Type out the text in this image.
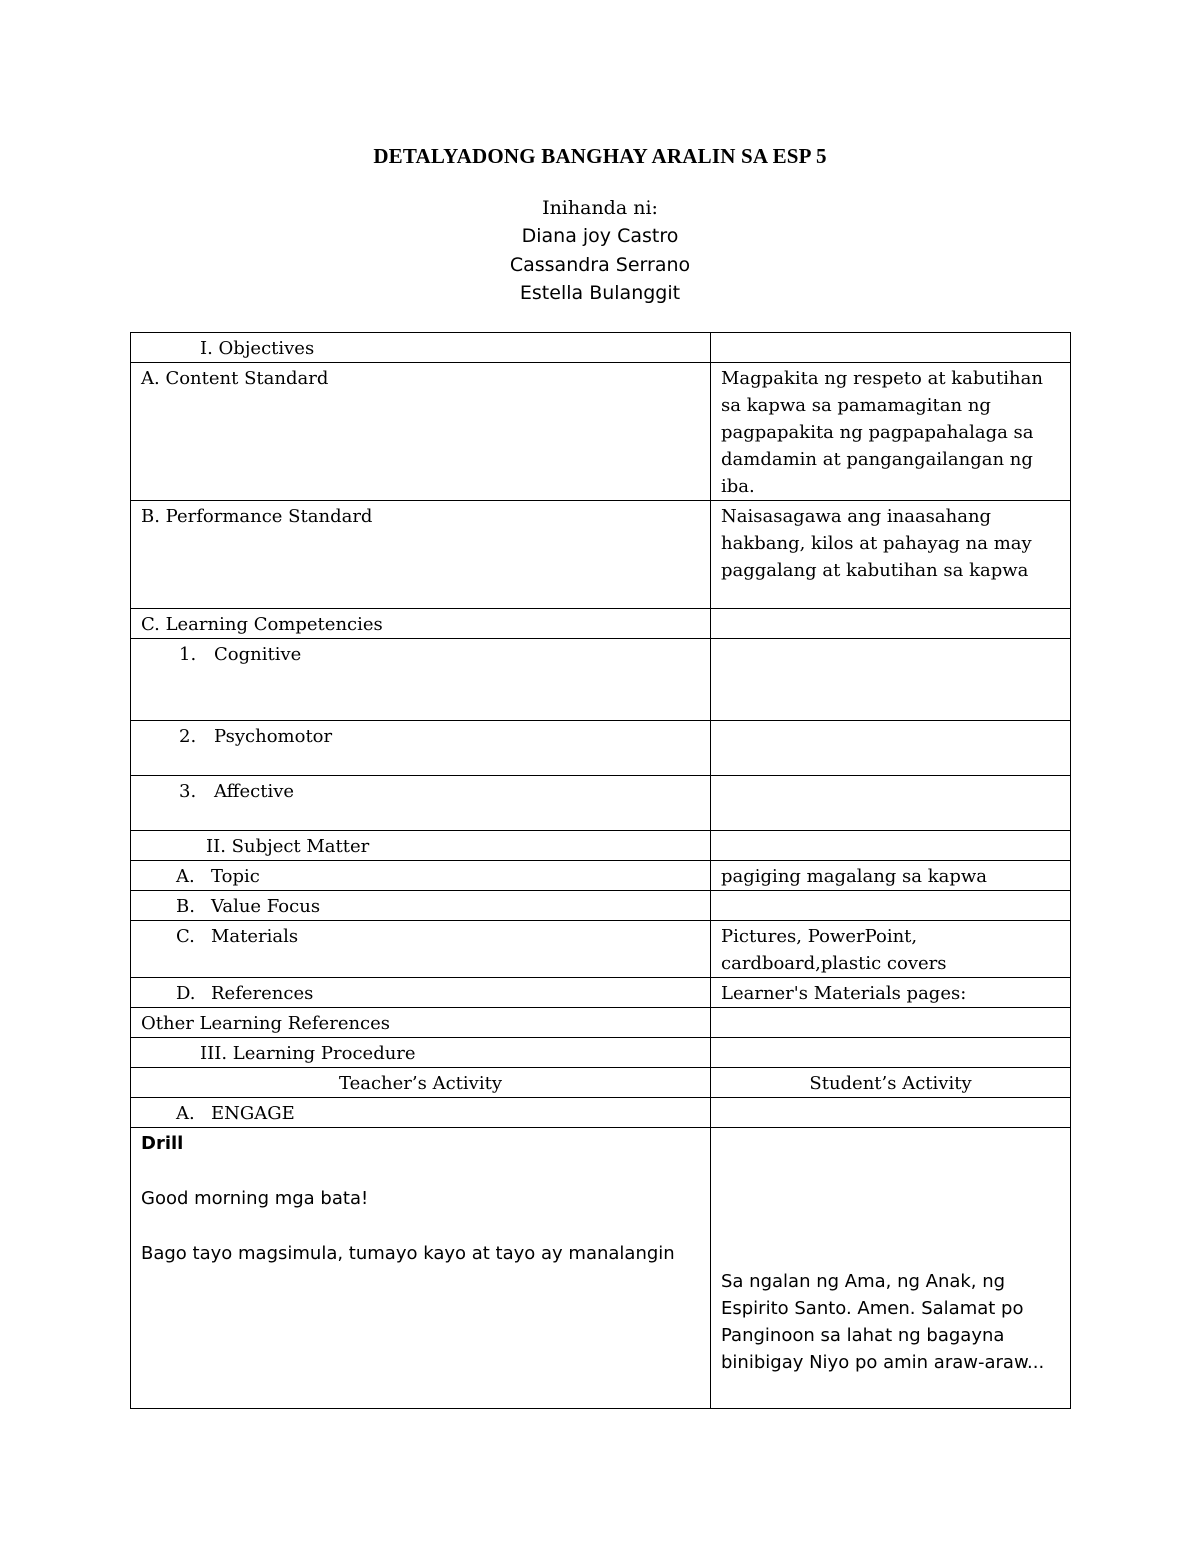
DETALYADONG BANGHAY ARALIN SA ESP 5
Inihanda ni:
Diana joy Castro
Cassandra Serrano
Estella Bulanggit
I. Objectives	
A. Content Standard	Magpakita ng respeto at kabutihan sa kapwa sa pamamagitan ng pagpapakita ng pagpapahalaga sa damdamin at pangangailangan ng iba.
B. Performance Standard	Naisasagawa ang inaasahang hakbang, kilos at pahayag na may paggalang at kabutihan sa kapwa
C. Learning Competencies	
1. Cognitive	
2. Psychomotor	
3. Affective	
II. Subject Matter	
A. Topic	pagiging magalang sa kapwa
B. Value Focus	
C. Materials	Pictures, PowerPoint, cardboard,plastic covers
D. References	Learner's Materials pages:
Other Learning References	
III. Learning Procedure	
Teacher’s Activity	Student’s Activity
A. ENGAGE	

Drill
Good morning mga bata!
Bago tayo magsimula, tumayo kayo at tayo ay manalangin	Sa ngalan ng Ama, ng Anak, ng Espirito Santo. Amen. Salamat po Panginoon sa lahat ng bagayna binibigay Niyo po amin araw-araw...
